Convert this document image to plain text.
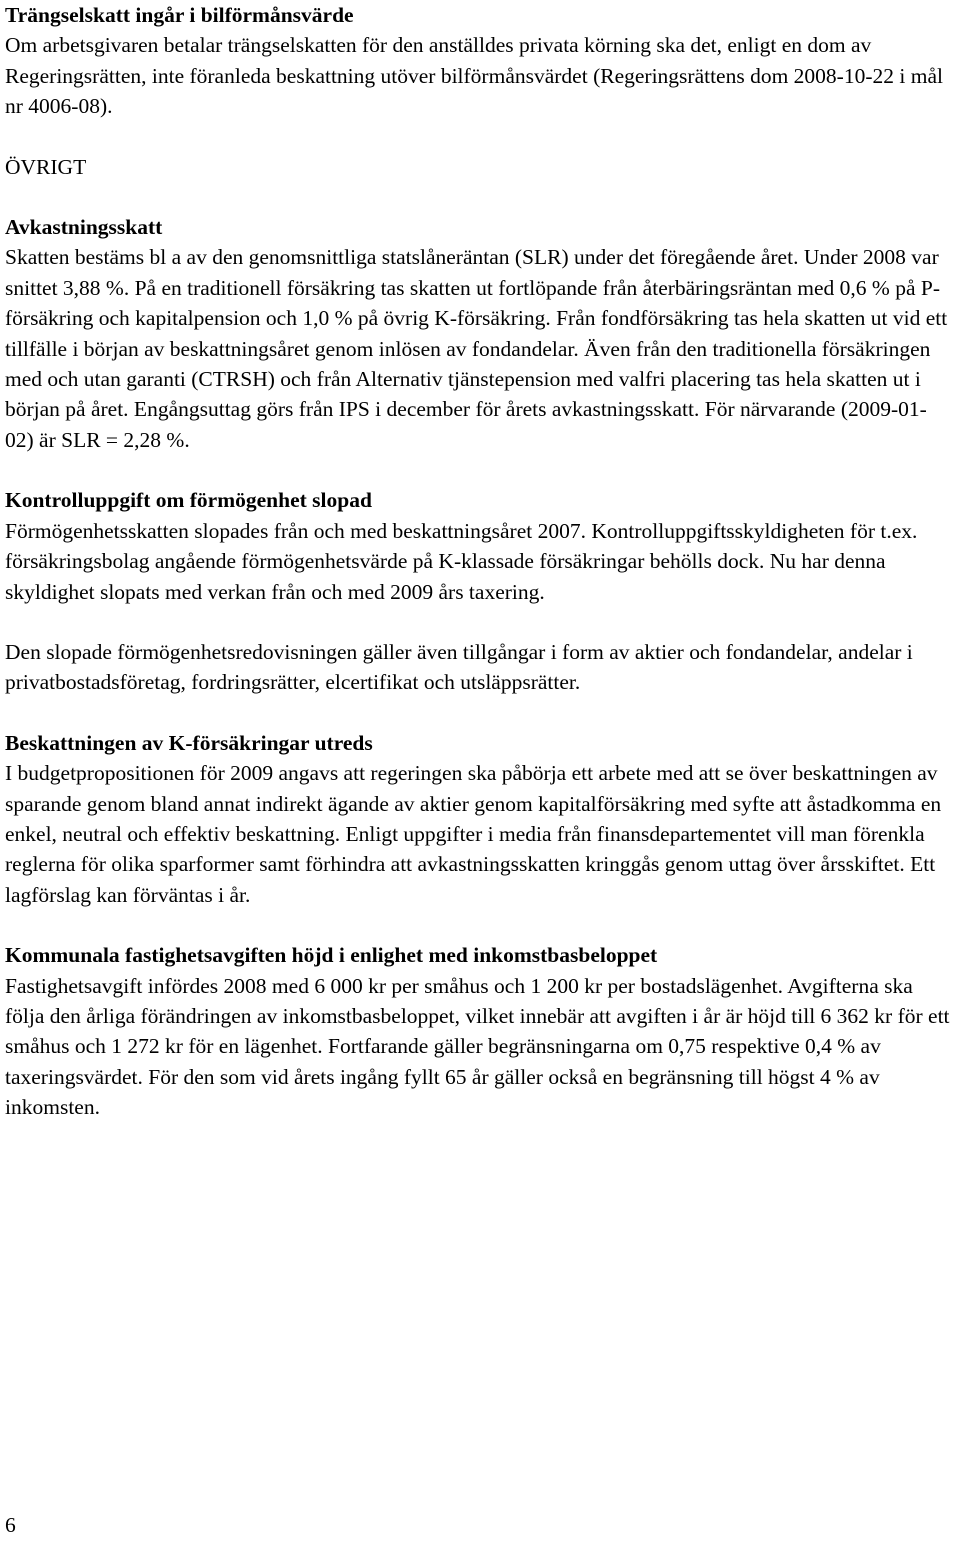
Trängselskatt ingår i bilförmånsvärde

Om arbetsgivaren betalar trängselskatten för den anställdes privata körning ska det, enligt en dom av Regeringsrätten, inte föranleda beskattning utöver bilförmånsvärdet (Regeringsrättens dom 2008-10-22 i mål nr 4006-08).

ÖVRIGT

Avkastningsskatt

Skatten bestäms bl a av den genomsnittliga statslåneräntan (SLR) under det föregående året. Under 2008 var snittet 3,88 %. På en traditionell försäkring tas skatten ut fortlöpande från återbäringsräntan med 0,6 % på P-försäkring och kapitalpension och 1,0 % på övrig K-försäkring. Från fondförsäkring tas hela skatten ut vid ett tillfälle i början av beskattningsåret genom inlösen av fondandelar. Även från den traditionella försäkringen med och utan garanti (CTRSH) och från Alternativ tjänstepension med valfri placering tas hela skatten ut i början på året. Engångsuttag görs från IPS i december för årets avkastningsskatt. För närvarande (2009-01-02) är SLR = 2,28 %.

Kontrolluppgift om förmögenhet slopad

Förmögenhetsskatten slopades från och med beskattningsåret 2007. Kontrolluppgiftsskyldigheten för t.ex. försäkringsbolag angående förmögenhetsvärde på K-klassade försäkringar behölls dock. Nu har denna skyldighet slopats med verkan från och med 2009 års taxering.

Den slopade förmögenhetsredovisningen gäller även tillgångar i form av aktier och fondandelar, andelar i privatbostadsföretag, fordringsrätter, elcertifikat och utsläppsrätter.

Beskattningen av K-försäkringar utreds

I budgetpropositionen för 2009 angavs att regeringen ska påbörja ett arbete med att se över beskattningen av sparande genom bland annat indirekt ägande av aktier genom kapitalförsäkring med syfte att åstadkomma en enkel, neutral och effektiv beskattning. Enligt uppgifter i media från finansdepartementet vill man förenkla reglerna för olika sparformer samt förhindra att avkastningsskatten kringgås genom uttag över årsskiftet. Ett lagförslag kan förväntas i år.

Kommunala fastighetsavgiften höjd i enlighet med inkomstbasbeloppet

Fastighetsavgift infördes 2008 med 6 000 kr per småhus och 1 200 kr per bostadslägenhet. Avgifterna ska följa den årliga förändringen av inkomstbasbeloppet, vilket innebär att avgiften i år är höjd till 6 362 kr för ett småhus och 1 272 kr för en lägenhet. Fortfarande gäller begränsningarna om 0,75 respektive 0,4 % av taxeringsvärdet. För den som vid årets ingång fyllt 65 år gäller också en begränsning till högst 4 % av inkomsten.

6
